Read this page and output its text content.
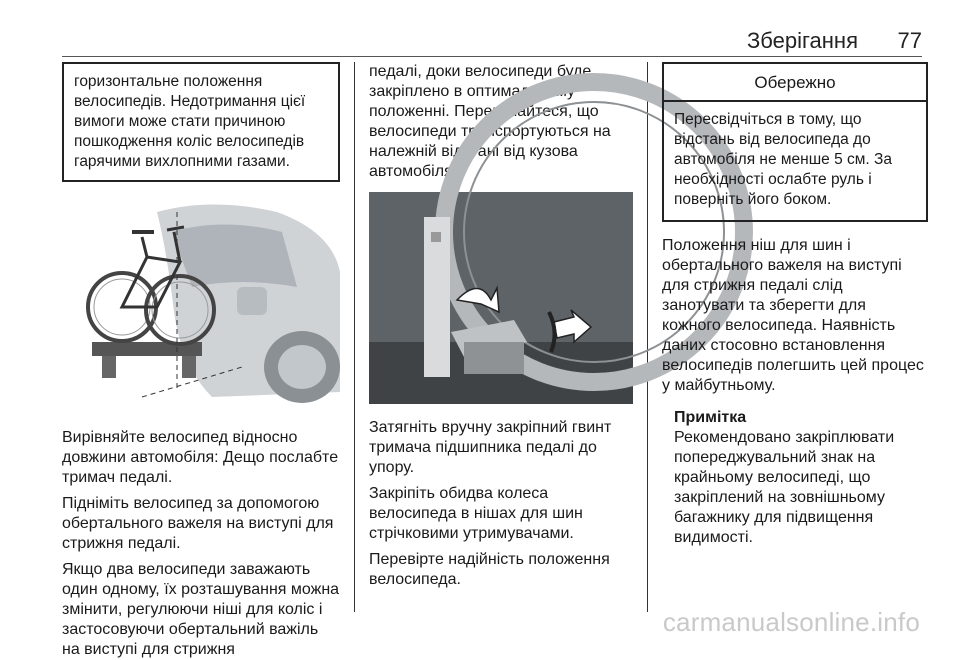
Зберігання 77

горизонтальне положення велосипедів. Недотримання цієї вимоги може стати причиною пошкодження коліс велосипедів гарячими вихлопними газами.

Вирівняйте велосипед відносно довжини автомобіля: Дещо послабте тримач педалі.

Підніміть велосипед за допомогою обертального важеля на виступі для стрижня педалі.

Якщо два велосипеди заважають один одному, їх розташування можна змінити, регулюючи ніші для коліс і застосовуючи обертальний важіль на виступі для стрижня

педалі, доки велосипеди буде закріплено в оптимальному положенні. Переконайтеся, що велосипеди транспортуються на належній відстані від кузова автомобіля.

Затягніть вручну закріпний гвинт тримача підшипника педалі до упору.

Закріпіть обидва колеса велосипеда в нішах для шин стрічковими утримувачами.

Перевірте надійність положення велосипеда.

Обережно
Пересвідчіться в тому, що відстань від велосипеда до автомобіля не менше 5 см. За необхідності ослабте руль і поверніть його боком.

Положення ніш для шин і обертального важеля на виступі для стрижня педалі слід занотувати та зберегти для кожного велосипеда. Наявність даних стосовно встановлення велосипедів полегшить цей процес у майбутньому.

Примітка

Рекомендовано закріплювати попереджувальний знак на крайньому велосипеді, що закріплений на зовнішньому багажнику для підвищення видимості.

carmanualsonline.info
